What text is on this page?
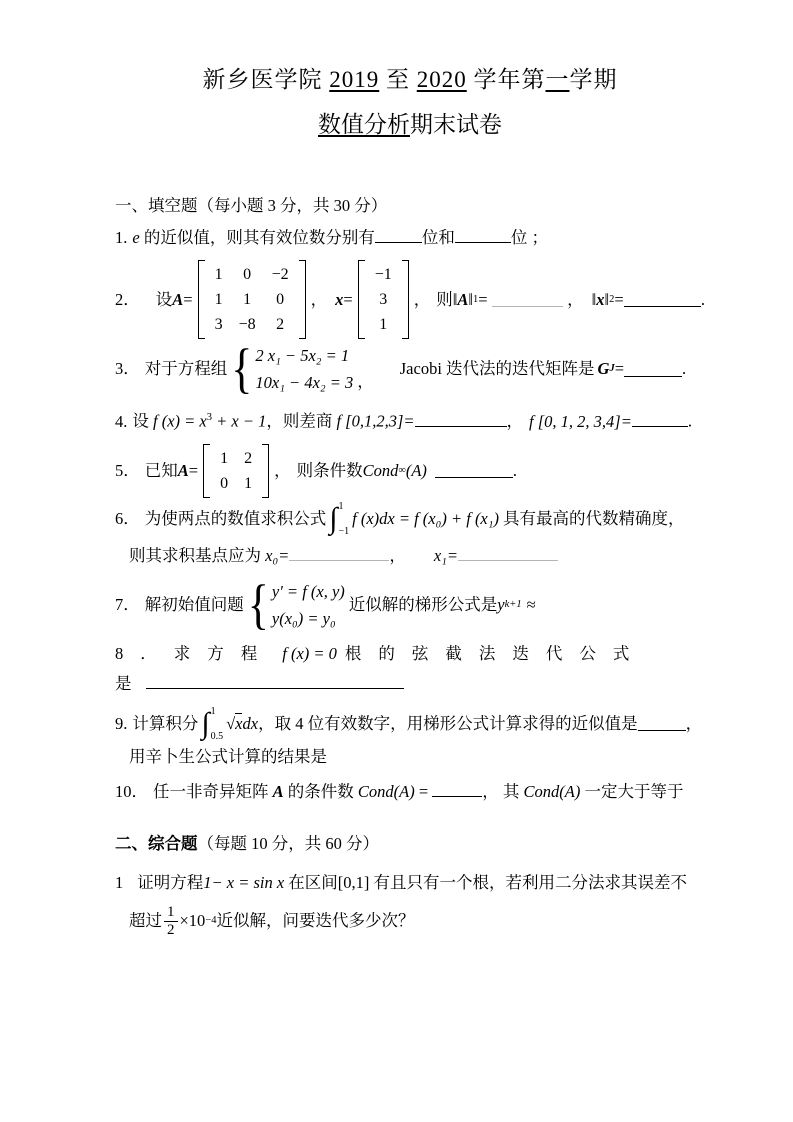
新乡医学院 2019 至 2020 学年第一学期
数值分析期末试卷
一、填空题（每小题 3 分，共 30 分）
1. e 的近似值，则其有效位数分别有	位和	位 ；
2． 设 A =
1	0	−2
1	1	0
3	−8	2
， x =
−1
3
1
， 则 ‖ A ‖ 1 =	， ‖ x ‖ 2 =	.
3． 对于方程组 { 2 x₁ − 5x₂ = 1
10x₁ − 4x₂ = 3 ，
Jacobi 迭代法的迭代矩阵是 G J =	.
4. 设 f $(x) = x^3 + x - 1$，则差商 f [0,1,2,3]=	， f [0, 1, 2, 3,4]=	.
5． 已知 A =
1	2
0	1
， 则条件数 Cond ∞ (A)	.
6． 为使两点的数值求积公式 ∫ 1
−1
f (x)dx = f (x₀) + f (x₁) 具有最高的代数精确度，
则其求积基点应为 x₀=	， x₁=
7． 解初始值问题 { y′ = f (x, y)
y(x₀) = y₀
近似解的梯形公式是 y k+1 ≈
8．求方程 f (x) = 0 根的弦截法迭代公式
是
9. 计算积分 ∫ 1
0.5
√x dx ，取 4 位有效数字，用梯形公式计算求得的近似值是	，
用辛卜生公式计算的结果是
10． 任一非奇异矩阵 A 的条件数 Cond(A) =	， 其 Cond(A) 一定大于等于
二、综合题（每题 10 分，共 60 分）
1 证明方程1− x = sin x 在区间[0,1] 有且只有一个根，若利用二分法求其误差不
超过 $\frac{1}{2} \times 10 -4$ 近似解，问要迭代多少次？
